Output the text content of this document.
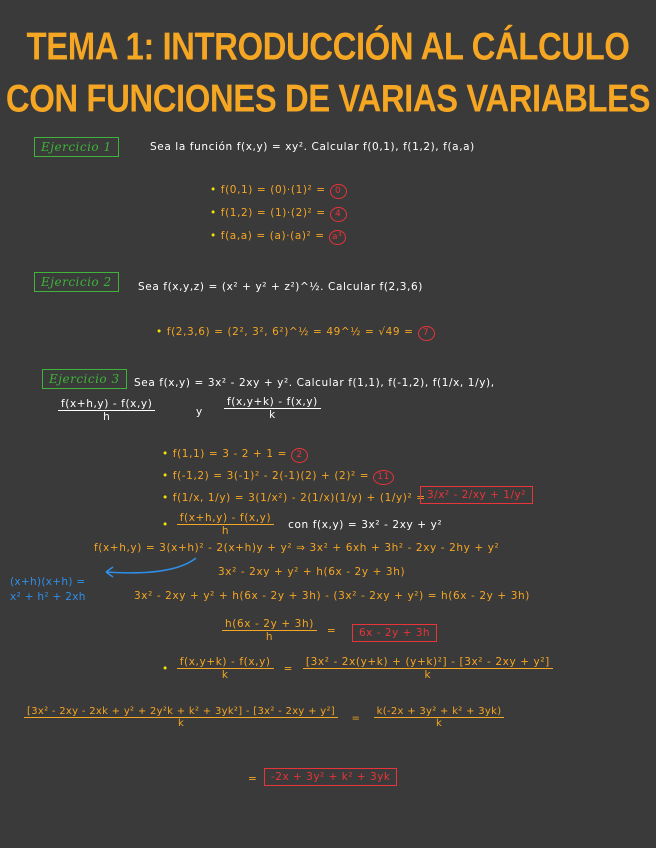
TEMA 1: INTRODUCCIÓN AL CÁLCULO
CON FUNCIONES DE VARIAS VARIABLES
Ejercicio 1	Sea la función f(x,y) = xy². Calcular f(0,1), f(1,2), f(a,a)
• f(0,1) = (0)·(1)² = 0
• f(1,2) = (1)·(2)² = 4
• f(a,a) = (a)·(a)² = a³
Ejercicio 2	Sea f(x,y,z) = (x² + y² + z²)^½. Calcular f(2,3,6)
• f(2,3,6) = (2², 3², 6²)^½ = 49^½ = √49 = 7
Ejercicio 3	Sea f(x,y) = 3x² - 2xy + y². Calcular f(1,1), f(-1,2), f(1/x, 1/y),
$\frac{f(x+h,y) - f(x,y)}{h}$	y $\frac{f(x,y+k) - f(x,y)}{k}$
• f(1,1) = 3 - 2 + 1 = 2
• f(-1,2) = 3(-1)² - 2(-1)(2) + (2)² = 11
• f(1/x, 1/y) = 3(1/x²) - 2(1/x)(1/y) + (1/y)² = 3/x² - 2/xy + 1/y²
• $\frac{f(x+h,y) - f(x,y)}{h}$ con f(x,y) = 3x² - 2xy + y²
f(x+h,y) = 3(x+h)² - 2(x+h)y + y² ⇒ 3x² + 6xh + 3h² - 2xy - 2hy + y²
(x+h)(x+h) =
x² + h² + 2xh
3x² - 2xy + y² + h(6x - 2y + 3h)
3x² - 2xy + y² + h(6x - 2y + 3h) - (3x² - 2xy + y²) = h(6x - 2y + 3h)
$\frac{h(6x - 2y + 3h)}{h}$ =	6x - 2y + 3h
• $\frac{f(x,y+k) - f(x,y)}{k} = \frac{\text{[3x² - 2x(y+k) + (y+k)²] - [3x² - 2xy + y²]}}{k}$
$\frac{\text{[3x² - 2xy - 2xk + y² + 2y²k + k² + 3yk²] - [3x² - 2xy + y²]}}{k} = \frac{\text{k(-2x + 3y² + k² + 3yk)}}{k}$
=	-2x + 3y² + k² + 3yk
